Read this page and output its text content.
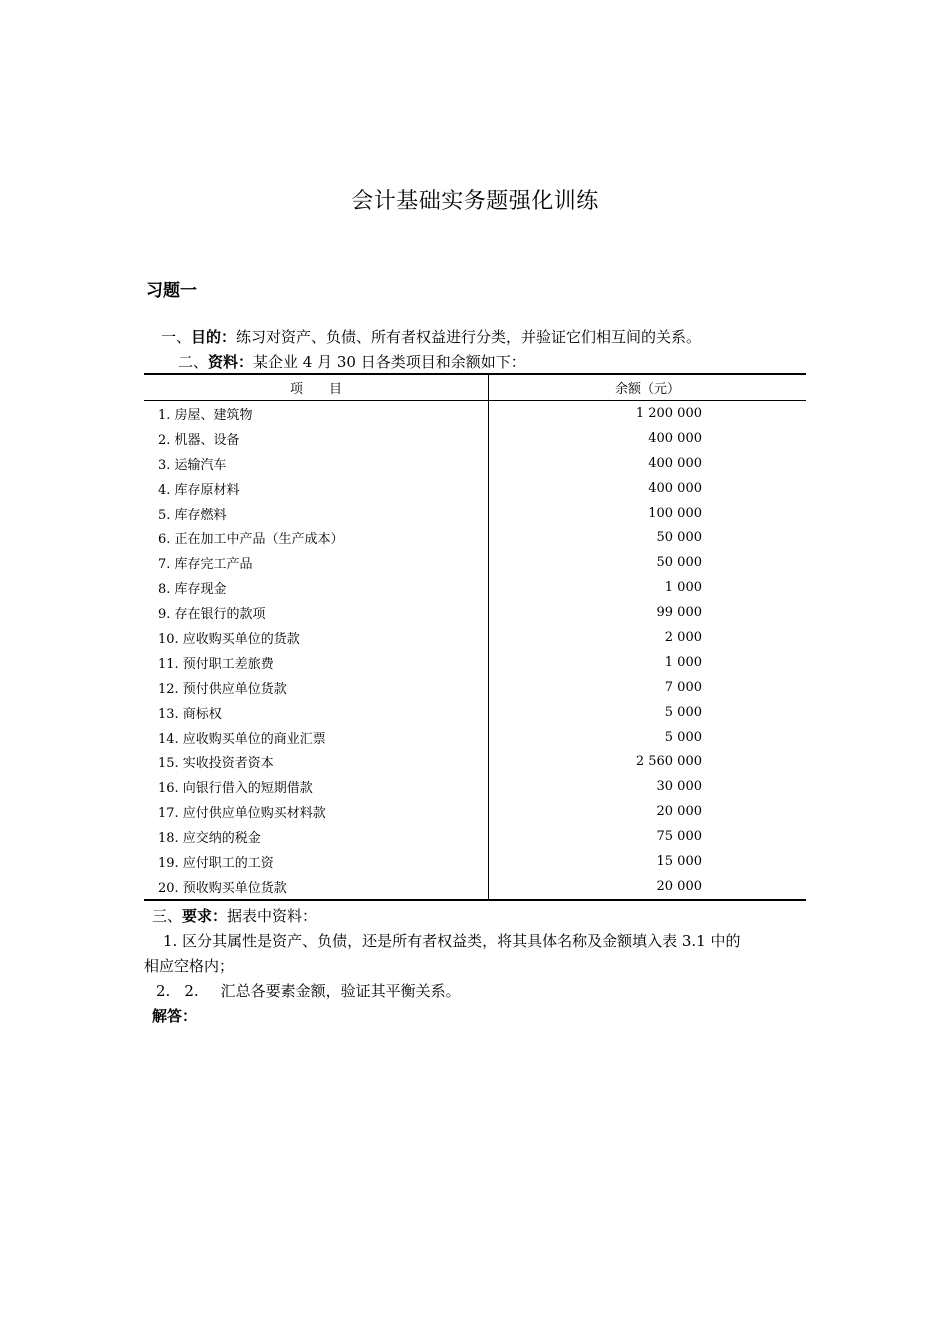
会计基础实务题强化训练
习题一
一、目的：练习对资产、负债、所有者权益进行分类，并验证它们相互间的关系。
二、资料：某企业 4 月 30 日各类项目和余额如下：
项　　目	余额（元）
1. 房屋、建筑物	1 200 000
2. 机器、设备	400 000
3. 运输汽车	400 000
4. 库存原材料	400 000
5. 库存燃料	100 000
6. 正在加工中产品（生产成本）	50 000
7. 库存完工产品	50 000
8. 库存现金	1 000
9. 存在银行的款项	99 000
10. 应收购买单位的货款	2 000
11. 预付职工差旅费	1 000
12. 预付供应单位货款	7 000
13. 商标权	5 000
14. 应收购买单位的商业汇票	5 000
15. 实收投资者资本	2 560 000
16. 向银行借入的短期借款	30 000
17. 应付供应单位购买材料款	20 000
18. 应交纳的税金	75 000
19. 应付职工的工资	15 000
20. 预收购买单位货款	20 000
三、要求：据表中资料：
1. 区分其属性是资产、负债，还是所有者权益类，将其具体名称及金额填入表 3.1 中的
相应空格内；
2. 2. 汇总各要素金额，验证其平衡关系。
解答：
